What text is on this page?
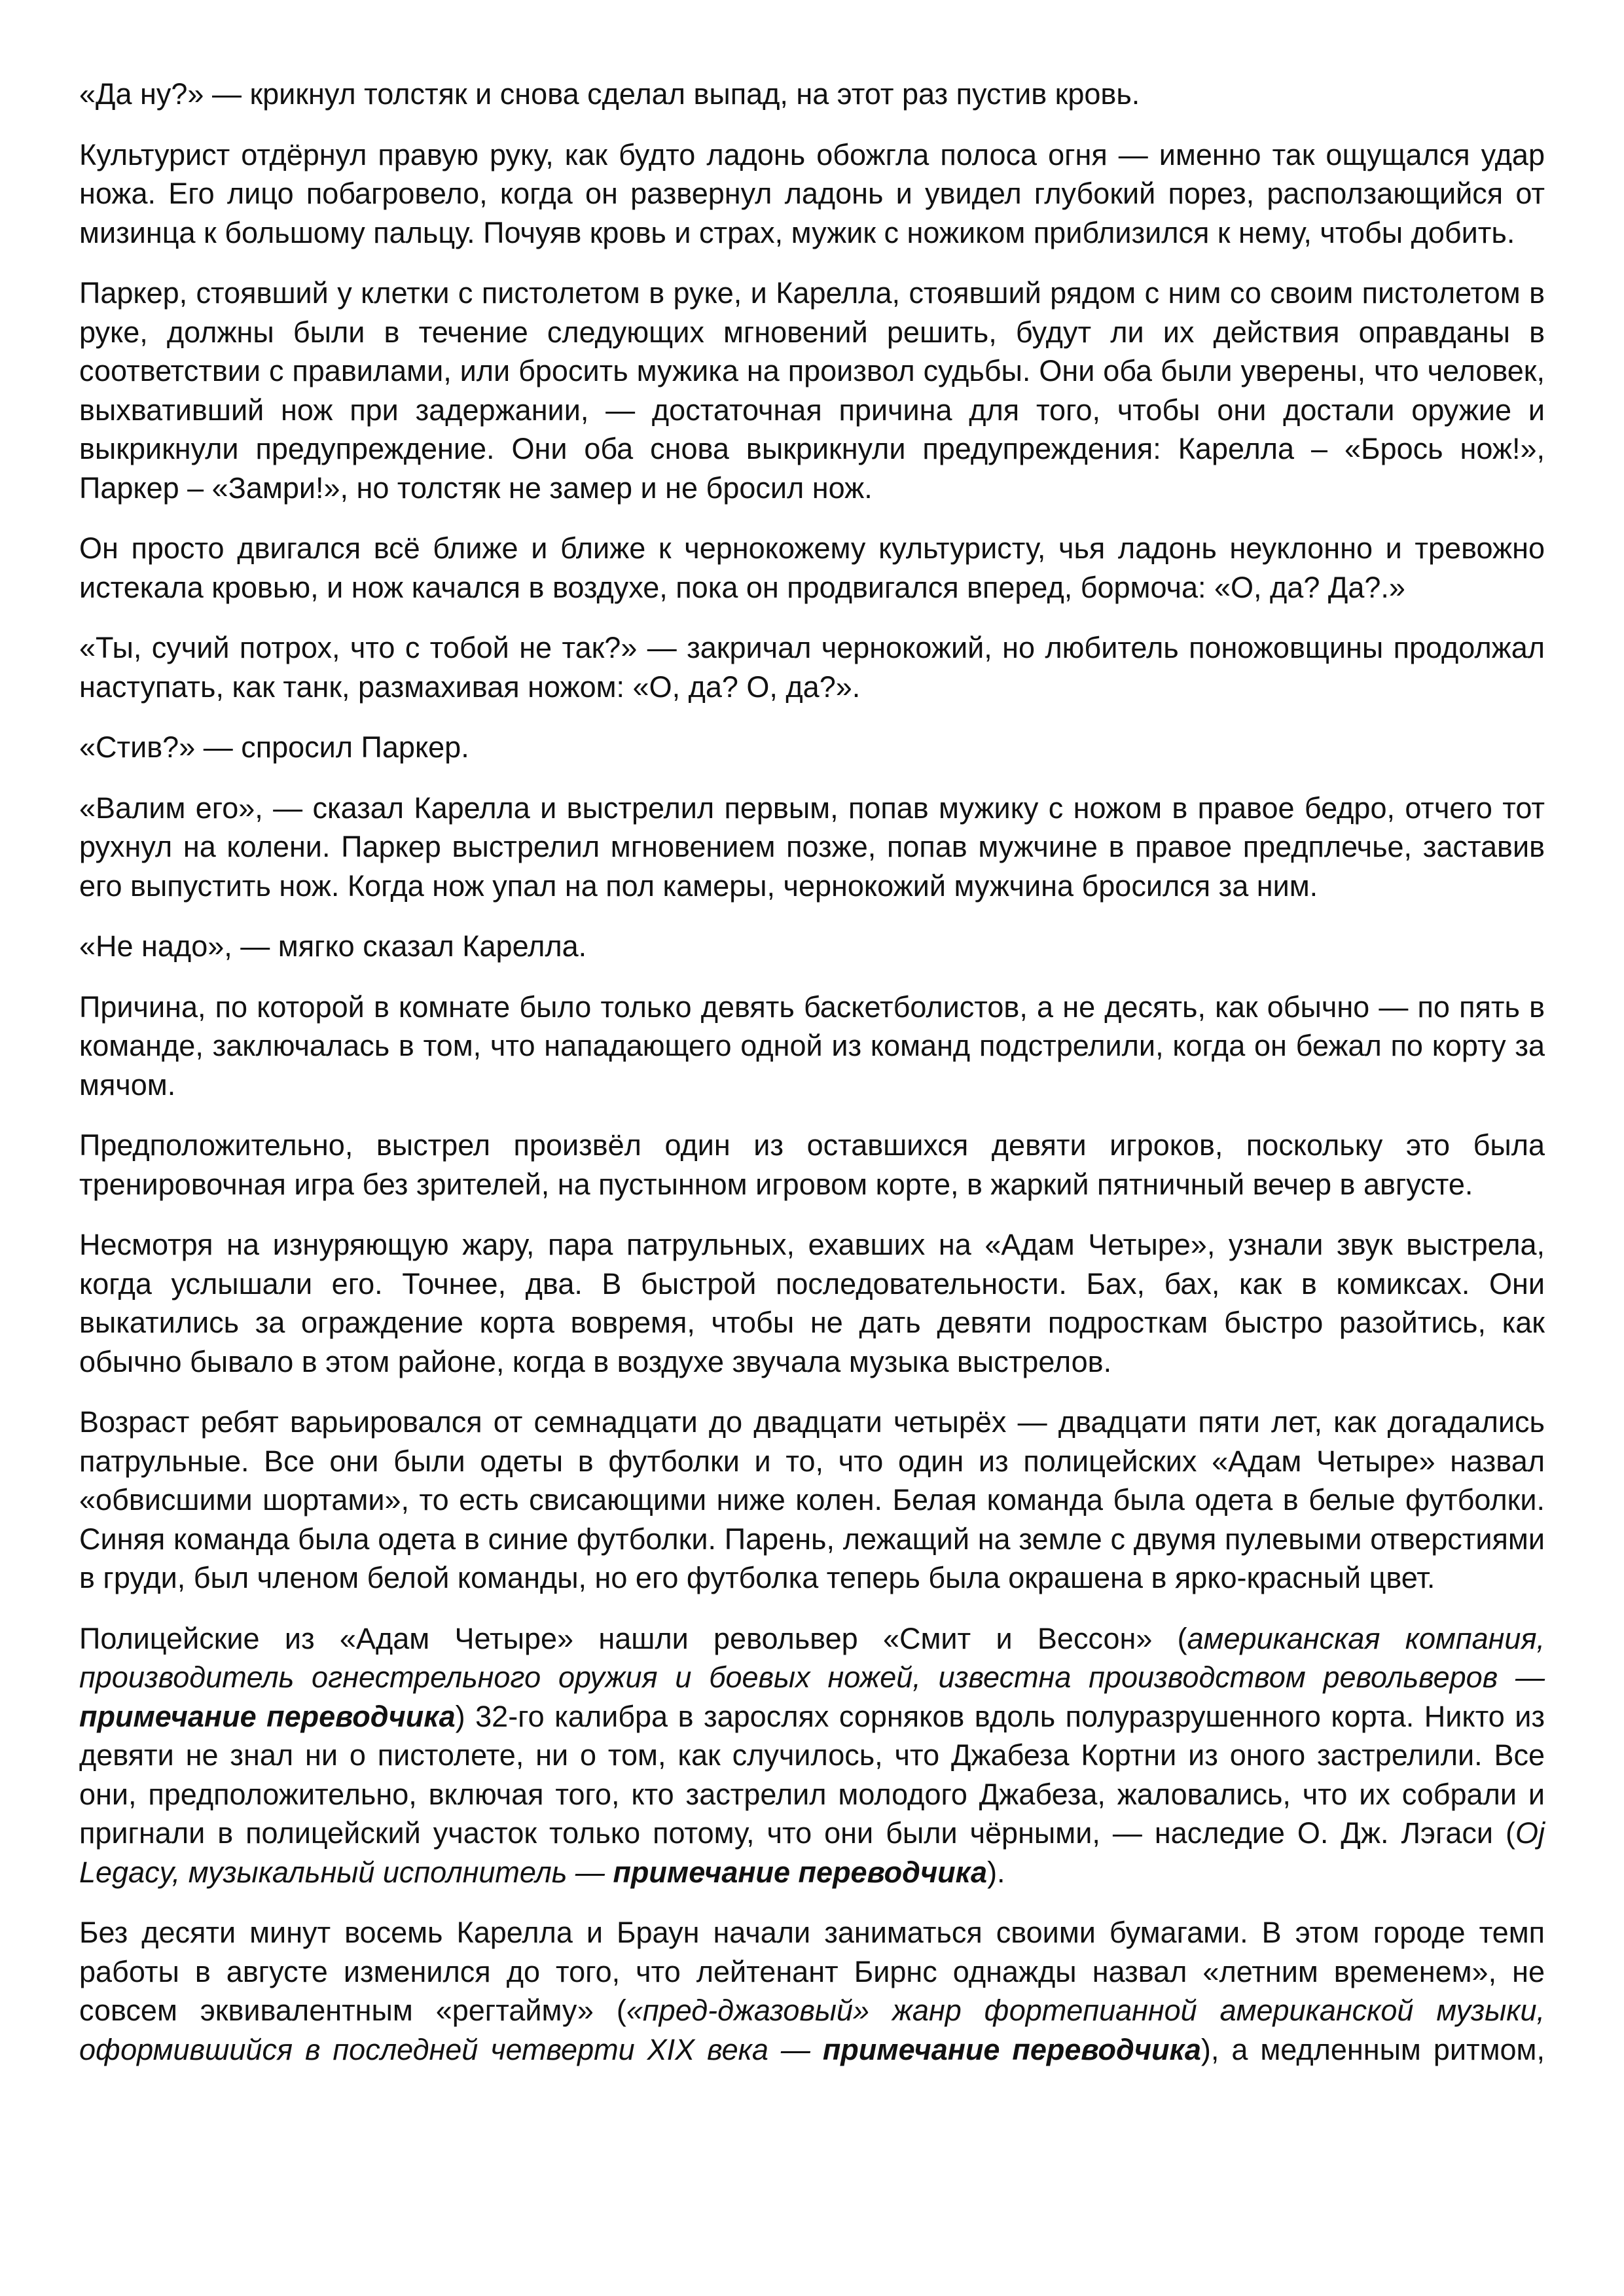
«Да ну?» — крикнул толстяк и снова сделал выпад, на этот раз пустив кровь.

Культурист отдёрнул правую руку, как будто ладонь обожгла полоса огня — именно так ощущался удар ножа. Его лицо побагровело, когда он развернул ладонь и увидел глубокий порез, расползающийся от мизинца к большому пальцу. Почуяв кровь и страх, мужик с ножиком приблизился к нему, чтобы добить.

Паркер, стоявший у клетки с пистолетом в руке, и Карелла, стоявший рядом с ним со своим пистолетом в руке, должны были в течение следующих мгновений решить, будут ли их действия оправданы в соответствии с правилами, или бросить мужика на произвол судьбы. Они оба были уверены, что человек, выхвативший нож при задержании, — достаточная причина для того, чтобы они достали оружие и выкрикнули предупреждение. Они оба снова выкрикнули предупреждения: Карелла – «Брось нож!», Паркер – «Замри!», но толстяк не замер и не бросил нож.

Он просто двигался всё ближе и ближе к чернокожему культуристу, чья ладонь неуклонно и тревожно истекала кровью, и нож качался в воздухе, пока он продвигался вперед, бормоча: «О, да? Да?.»

«Ты, сучий потрох, что с тобой не так?» — закричал чернокожий, но любитель поножовщины продолжал наступать, как танк, размахивая ножом: «О, да? О, да?».

«Стив?» — спросил Паркер.

«Валим его», — сказал Карелла и выстрелил первым, попав мужику с ножом в правое бедро, отчего тот рухнул на колени. Паркер выстрелил мгновением позже, попав мужчине в правое предплечье, заставив его выпустить нож. Когда нож упал на пол камеры, чернокожий мужчина бросился за ним.

«Не надо», — мягко сказал Карелла.

Причина, по которой в комнате было только девять баскетболистов, а не десять, как обычно — по пять в команде, заключалась в том, что нападающего одной из команд подстрелили, когда он бежал по корту за мячом.

Предположительно, выстрел произвёл один из оставшихся девяти игроков, поскольку это была тренировочная игра без зрителей, на пустынном игровом корте, в жаркий пятничный вечер в августе.

Несмотря на изнуряющую жару, пара патрульных, ехавших на «Адам Четыре», узнали звук выстрела, когда услышали его. Точнее, два. В быстрой последовательности. Бах, бах, как в комиксах. Они выкатились за ограждение корта вовремя, чтобы не дать девяти подросткам быстро разойтись, как обычно бывало в этом районе, когда в воздухе звучала музыка выстрелов.

Возраст ребят варьировался от семнадцати до двадцати четырёх — двадцати пяти лет, как догадались патрульные. Все они были одеты в футболки и то, что один из полицейских «Адам Четыре» назвал «обвисшими шортами», то есть свисающими ниже колен. Белая команда была одета в белые футболки. Синяя команда была одета в синие футболки. Парень, лежащий на земле с двумя пулевыми отверстиями в груди, был членом белой команды, но его футболка теперь была окрашена в ярко-красный цвет.

Полицейские из «Адам Четыре» нашли револьвер «Смит и Вессон» (американская компания, производитель огнестрельного оружия и боевых ножей, известна производством револьверов — примечание переводчика) 32-го калибра в зарослях сорняков вдоль полуразрушенного корта. Никто из девяти не знал ни о пистолете, ни о том, как случилось, что Джабеза Кортни из оного застрелили. Все они, предположительно, включая того, кто застрелил молодого Джабеза, жаловались, что их собрали и пригнали в полицейский участок только потому, что они были чёрными, — наследие О. Дж. Лэгаси (Oj Legacy, музыкальный исполнитель — примечание переводчика).

Без десяти минут восемь Карелла и Браун начали заниматься своими бумагами. В этом городе темп работы в августе изменился до того, что лейтенант Бирнс однажды назвал «летним временем», не совсем эквивалентным «регтайму» («пред-джазовый» жанр фортепианной американской музыки, оформившийся в последней четверти XIX века — примечание переводчика), а медленным ритмом,
